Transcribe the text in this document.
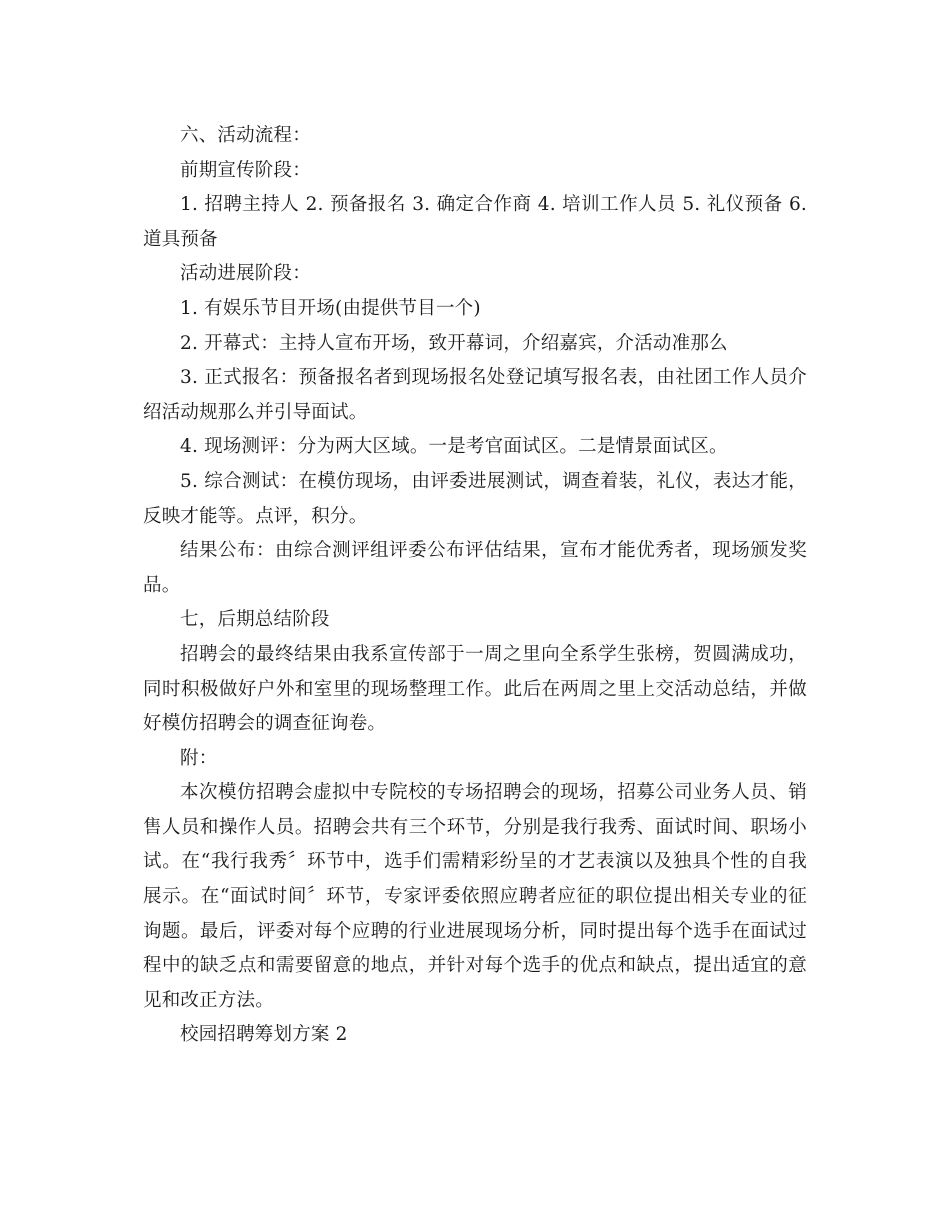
六、活动流程：

前期宣传阶段：

1. 招聘主持人 2. 预备报名 3. 确定合作商 4. 培训工作人员 5. 礼仪预备 6. 道具预备

活动进展阶段：

1. 有娱乐节目开场(由提供节目一个)

2. 开幕式：主持人宣布开场，致开幕词，介绍嘉宾，介活动准那么

3. 正式报名：预备报名者到现场报名处登记填写报名表，由社团工作人员介绍活动规那么并引导面试。

4. 现场测评：分为两大区域。一是考官面试区。二是情景面试区。

5. 综合测试：在模仿现场，由评委进展测试，调查着装，礼仪，表达才能，反映才能等。点评，积分。

结果公布：由综合测评组评委公布评估结果，宣布才能优秀者，现场颁发奖品。

七，后期总结阶段

招聘会的最终结果由我系宣传部于一周之里向全系学生张榜，贺圆满成功，同时积极做好户外和室里的现场整理工作。此后在两周之里上交活动总结，并做好模仿招聘会的调查征询卷。

附：

本次模仿招聘会虚拟中专院校的专场招聘会的现场，招募公司业务人员、销售人员和操作人员。招聘会共有三个环节，分别是我行我秀、面试时间、职场小试。在“我行我秀〞环节中，选手们需精彩纷呈的才艺表演以及独具个性的自我展示。在“面试时间〞环节，专家评委依照应聘者应征的职位提出相关专业的征询题。最后，评委对每个应聘的行业进展现场分析，同时提出每个选手在面试过程中的缺乏点和需要留意的地点，并针对每个选手的优点和缺点，提出适宜的意见和改正方法。

校园招聘筹划方案 2
